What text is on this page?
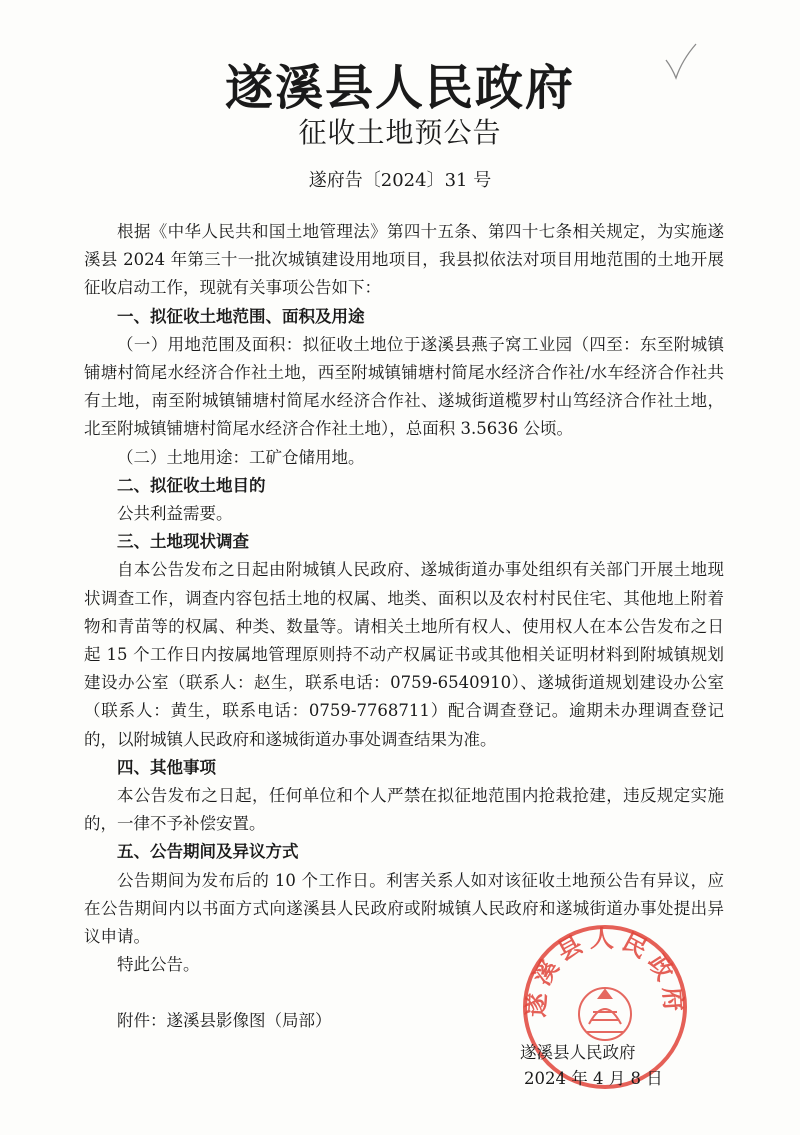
遂溪县人民政府
征收土地预公告
遂府告〔2024〕31 号

根据《中华人民共和国土地管理法》第四十五条、第四十七条相关规定，为实施遂溪县 2024 年第三十一批次城镇建设用地项目，我县拟依法对项目用地范围的土地开展征收启动工作，现就有关事项公告如下：

一、拟征收土地范围、面积及用途

（一）用地范围及面积：拟征收土地位于遂溪县燕子窝工业园（四至：东至附城镇铺塘村简尾水经济合作社土地，西至附城镇铺塘村简尾水经济合作社/水车经济合作社共有土地，南至附城镇铺塘村简尾水经济合作社、遂城街道榄罗村山笃经济合作社土地，北至附城镇铺塘村简尾水经济合作社土地），总面积 3.5636 公顷。

（二）土地用途：工矿仓储用地。

二、拟征收土地目的

公共利益需要。

三、土地现状调查

自本公告发布之日起由附城镇人民政府、遂城街道办事处组织有关部门开展土地现状调查工作，调查内容包括土地的权属、地类、面积以及农村村民住宅、其他地上附着物和青苗等的权属、种类、数量等。请相关土地所有权人、使用权人在本公告发布之日起 15 个工作日内按属地管理原则持不动产权属证书或其他相关证明材料到附城镇规划建设办公室（联系人：赵生，联系电话：0759-6540910）、遂城街道规划建设办公室（联系人：黄生，联系电话：0759-7768711）配合调查登记。逾期未办理调查登记的，以附城镇人民政府和遂城街道办事处调查结果为准。

四、其他事项

本公告发布之日起，任何单位和个人严禁在拟征地范围内抢栽抢建，违反规定实施的，一律不予补偿安置。

五、公告期间及异议方式

公告期间为发布后的 10 个工作日。利害关系人如对该征收土地预公告有异议，应在公告期间内以书面方式向遂溪县人民政府或附城镇人民政府和遂城街道办事处提出异议申请。

特此公告。

附件：遂溪县影像图（局部）

遂溪县人民政府
遂溪县人民政府
2024 年 4 月 8 日
